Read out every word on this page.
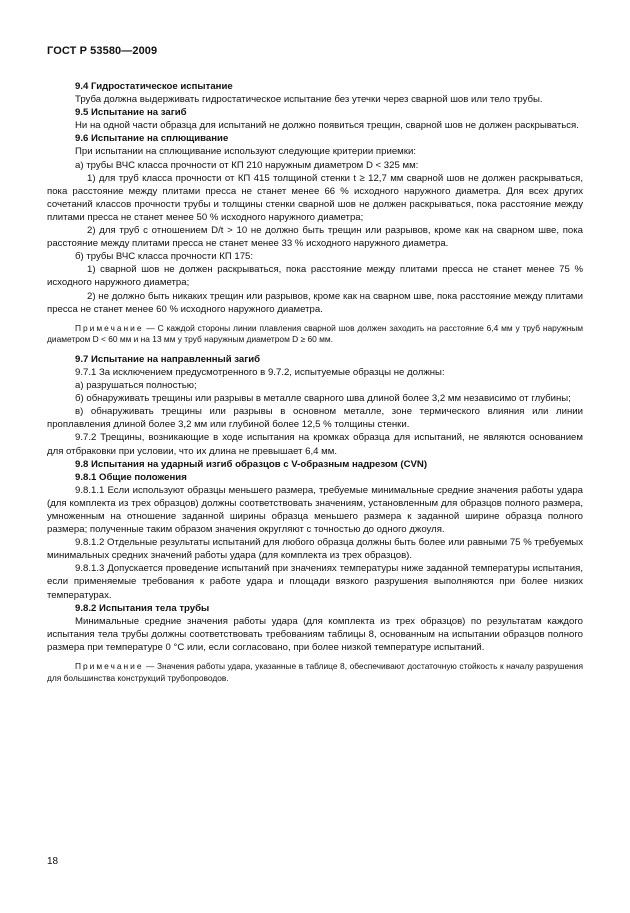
ГОСТ Р 53580—2009

9.4 Гидростатическое испытание

Труба должна выдерживать гидростатическое испытание без утечки через сварной шов или тело трубы.

9.5 Испытание на загиб

Ни на одной части образца для испытаний не должно появиться трещин, сварной шов не должен раскрываться.

9.6 Испытание на сплющивание

При испытании на сплющивание используют следующие критерии приемки:

а) трубы ВЧС класса прочности от КП 210 наружным диаметром D < 325 мм:

1) для труб класса прочности от КП 415 толщиной стенки t ≥ 12,7 мм сварной шов не должен раскрываться, пока расстояние между плитами пресса не станет менее 66 % исходного наружного диаметра. Для всех других сочетаний классов прочности трубы и толщины стенки сварной шов не должен раскрываться, пока расстояние между плитами пресса не станет менее 50 % исходного наружного диаметра;

2) для труб с отношением D/t > 10 не должно быть трещин или разрывов, кроме как на сварном шве, пока расстояние между плитами пресса не станет менее 33 % исходного наружного диаметра.

б) трубы ВЧС класса прочности КП 175:

1) сварной шов не должен раскрываться, пока расстояние между плитами пресса не станет менее 75 % исходного наружного диаметра;

2) не должно быть никаких трещин или разрывов, кроме как на сварном шве, пока расстояние между плитами пресса не станет менее 60 % исходного наружного диаметра.

Примечание — С каждой стороны линии плавления сварной шов должен заходить на расстояние 6,4 мм у труб наружным диаметром D < 60 мм и на 13 мм у труб наружным диаметром D ≥ 60 мм.

9.7 Испытание на направленный загиб

9.7.1 За исключением предусмотренного в 9.7.2, испытуемые образцы не должны:

а) разрушаться полностью;

б) обнаруживать трещины или разрывы в металле сварного шва длиной более 3,2 мм независимо от глубины;

в) обнаруживать трещины или разрывы в основном металле, зоне термического влияния или линии проплавления длиной более 3,2 мм или глубиной более 12,5 % толщины стенки.

9.7.2 Трещины, возникающие в ходе испытания на кромках образца для испытаний, не являются основанием для отбраковки при условии, что их длина не превышает 6,4 мм.

9.8 Испытания на ударный изгиб образцов с V-образным надрезом (CVN)

9.8.1 Общие положения

9.8.1.1 Если используют образцы меньшего размера, требуемые минимальные средние значения работы удара (для комплекта из трех образцов) должны соответствовать значениям, установленным для образцов полного размера, умноженным на отношение заданной ширины образца меньшего размера к заданной ширине образца полного размера; полученные таким образом значения округляют с точностью до одного джоуля.

9.8.1.2 Отдельные результаты испытаний для любого образца должны быть более или равными 75 % требуемых минимальных средних значений работы удара (для комплекта из трех образцов).

9.8.1.3 Допускается проведение испытаний при значениях температуры ниже заданной температуры испытания, если применяемые требования к работе удара и площади вязкого разрушения выполняются при более низких температурах.

9.8.2 Испытания тела трубы

Минимальные средние значения работы удара (для комплекта из трех образцов) по результатам каждого испытания тела трубы должны соответствовать требованиям таблицы 8, основанным на испытании образцов полного размера при температуре 0 °С или, если согласовано, при более низкой температуре испытаний.

Примечание — Значения работы удара, указанные в таблице 8, обеспечивают достаточную стойкость к началу разрушения для большинства конструкций трубопроводов.

18
